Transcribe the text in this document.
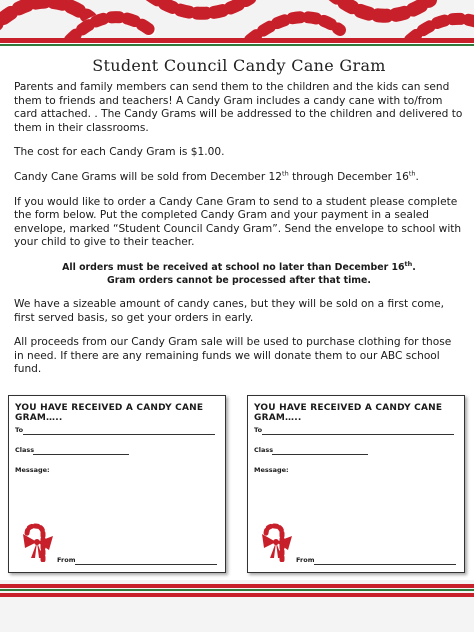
Student Council Candy Cane Gram

Parents and family members can send them to the children and the kids can send them to friends and teachers! A Candy Gram includes a candy cane with to/from card attached. . The Candy Grams will be addressed to the children and delivered to them in their classrooms.

The cost for each Candy Gram is $1.00.

Candy Cane Grams will be sold from December 12th through December 16th.

If you would like to order a Candy Cane Gram to send to a student please complete the form below. Put the completed Candy Gram and your payment in a sealed envelope, marked “Student Council Candy Gram”. Send the envelope to school with your child to give to their teacher.

All orders must be received at school no later than December 16th.
Gram orders cannot be processed after that time.

We have a sizeable amount of candy canes, but they will be sold on a first come, first served basis, so get your orders in early.

All proceeds from our Candy Gram sale will be used to purchase clothing for those in need. If there are any remaining funds we will donate them to our ABC school fund.

YOU HAVE RECEIVED A CANDY CANE GRAM…..
To
Class
Message:
From
YOU HAVE RECEIVED A CANDY CANE GRAM…..
To
Class
Message:
From
